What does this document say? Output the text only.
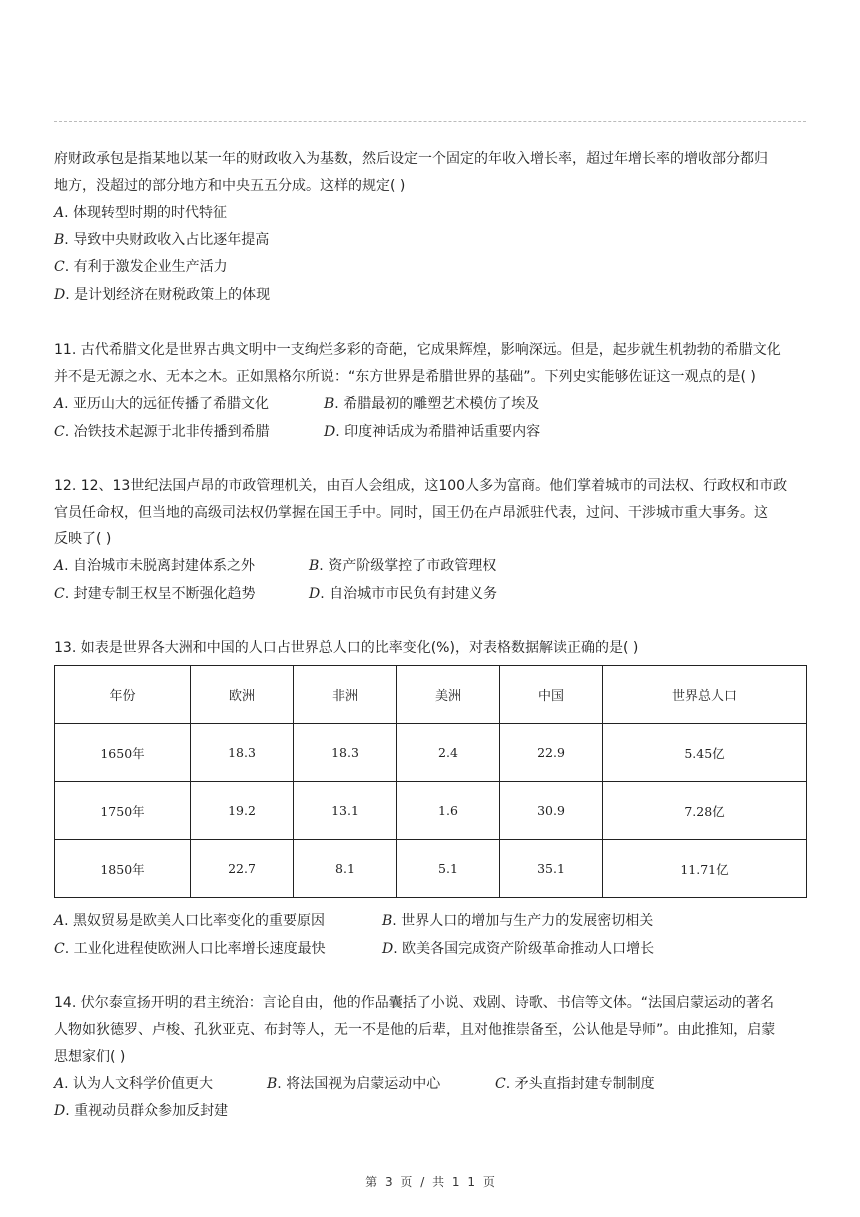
府财政承包是指某地以某一年的财政收入为基数，然后设定一个固定的年收入增长率，超过年增长率的增收部分都归
地方，没超过的部分地方和中央五五分成。这样的规定( )
A. 体现转型时期的时代特征
B. 导致中央财政收入占比逐年提高
C. 有利于激发企业生产活力
D. 是计划经济在财税政策上的体现
11. 古代希腊文化是世界古典文明中一支绚烂多彩的奇葩，它成果辉煌，影响深远。但是，起步就生机勃勃的希腊文化
并不是无源之水、无本之木。正如黑格尔所说：“东方世界是希腊世界的基础”。下列史实能够佐证这一观点的是( )
A. 亚历山大的远征传播了希腊文化	B. 希腊最初的雕塑艺术模仿了埃及
C. 冶铁技术起源于北非传播到希腊	D. 印度神话成为希腊神话重要内容
12. 12、13世纪法国卢昂的市政管理机关，由百人会组成，这100人多为富商。他们掌着城市的司法权、行政权和市政
官员任命权，但当地的高级司法权仍掌握在国王手中。同时，国王仍在卢昂派驻代表，过问、干涉城市重大事务。这
反映了( )
A. 自治城市未脱离封建体系之外	B. 资产阶级掌控了市政管理权
C. 封建专制王权呈不断强化趋势	D. 自治城市市民负有封建义务
13. 如表是世界各大洲和中国的人口占世界总人口的比率变化(%)，对表格数据解读正确的是( )
年份	欧洲	非洲	美洲	中国	世界总人口
1650年	18.3	18.3	2.4	22.9	5.45亿
1750年	19.2	13.1	1.6	30.9	7.28亿
1850年	22.7	8.1	5.1	35.1	11.71亿
A. 黑奴贸易是欧美人口比率变化的重要原因	B. 世界人口的增加与生产力的发展密切相关
C. 工业化进程使欧洲人口比率增长速度最快	D. 欧美各国完成资产阶级革命推动人口增长
14. 伏尔泰宣扬开明的君主统治：言论自由，他的作品囊括了小说、戏剧、诗歌、书信等文体。“法国启蒙运动的著名
人物如狄德罗、卢梭、孔狄亚克、布封等人，无一不是他的后辈，且对他推崇备至，公认他是导师”。由此推知，启蒙
思想家们( )
A. 认为人文科学价值更大	B. 将法国视为启蒙运动中心	C. 矛头直指封建专制制度
D. 重视动员群众参加反封建
第 3 页 / 共 1 1 页
